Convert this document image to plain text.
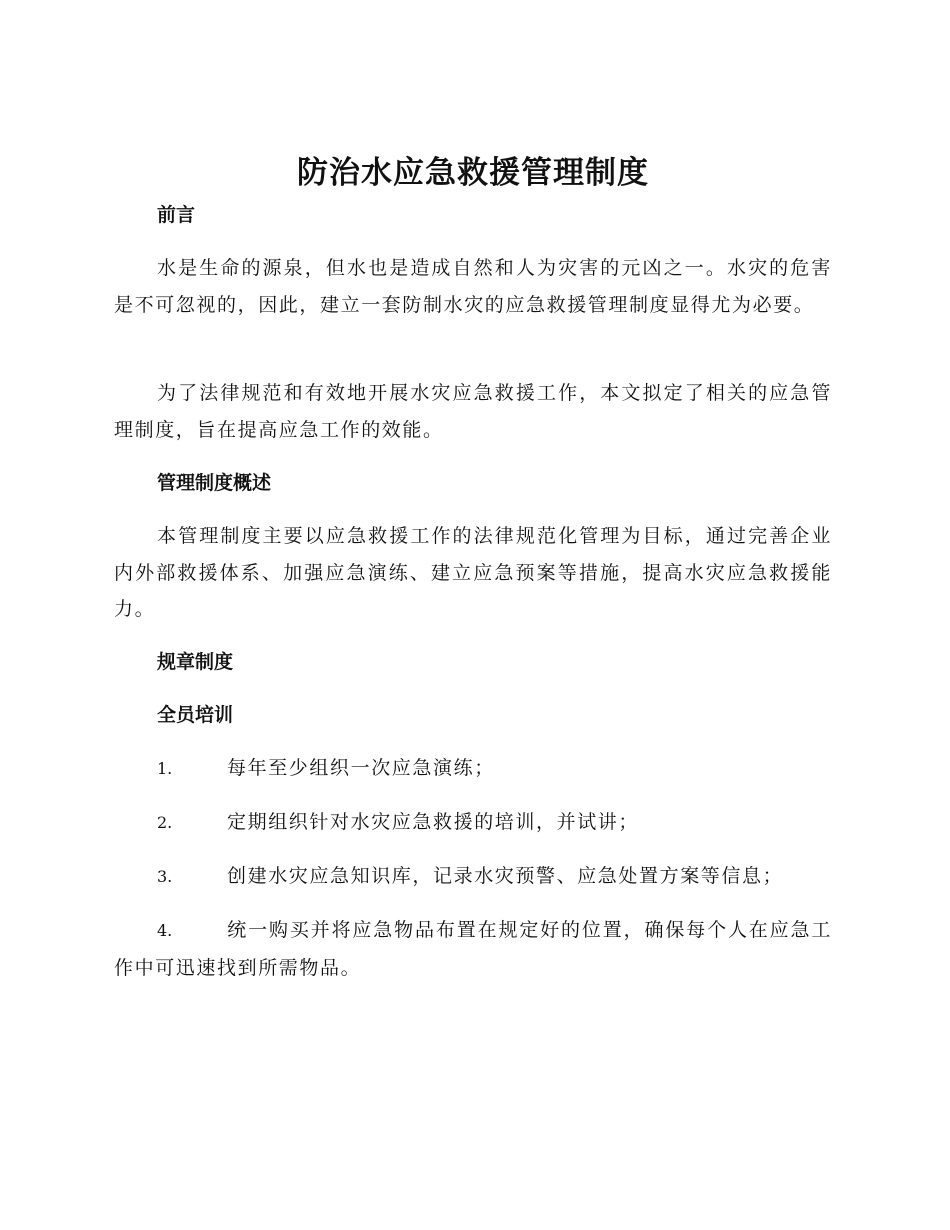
防治水应急救援管理制度
前言

水是生命的源泉，但水也是造成自然和人为灾害的元凶之一。水灾的危害是不可忽视的，因此，建立一套防制水灾的应急救援管理制度显得尤为必要。

为了法律规范和有效地开展水灾应急救援工作，本文拟定了相关的应急管理制度，旨在提高应急工作的效能。

管理制度概述

本管理制度主要以应急救援工作的法律规范化管理为目标，通过完善企业内外部救援体系、加强应急演练、建立应急预案等措施，提高水灾应急救援能力。

规章制度
全员培训

1.	每年至少组织一次应急演练；

2.	定期组织针对水灾应急救援的培训，并试讲；

3.	创建水灾应急知识库，记录水灾预警、应急处置方案等信息；

4.	统一购买并将应急物品布置在规定好的位置，确保每个人在应急工作中可迅速找到所需物品。
